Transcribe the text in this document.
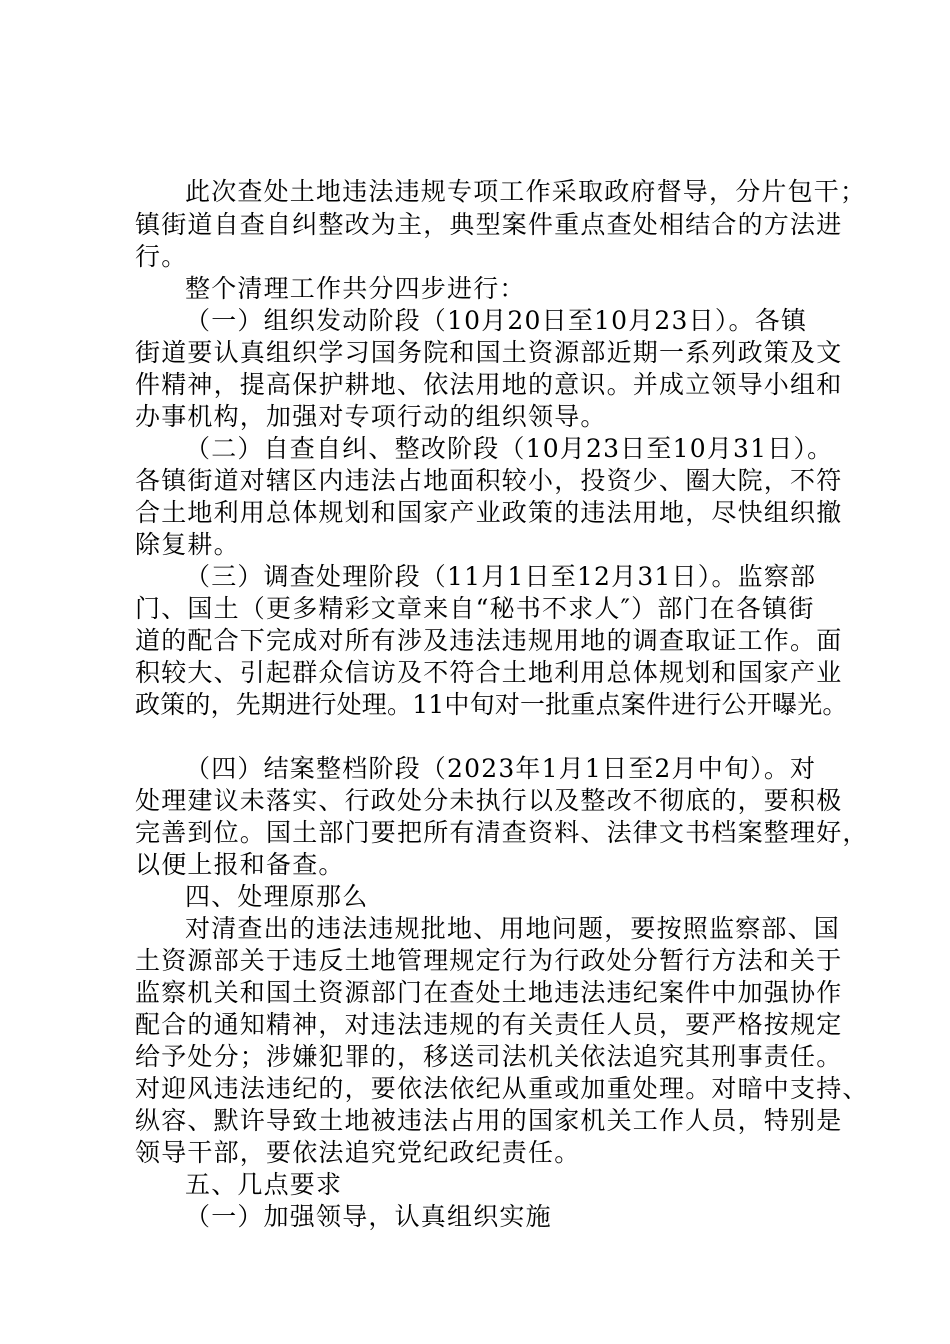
此次查处土地违法违规专项工作采取政府督导，分片包干；
镇街道自查自纠整改为主，典型案件重点查处相结合的方法进
行。
整个清理工作共分四步进行：
（一）组织发动阶段（10月20日至10月23日）。各镇
街道要认真组织学习国务院和国土资源部近期一系列政策及文
件精神，提高保护耕地、依法用地的意识。并成立领导小组和
办事机构，加强对专项行动的组织领导。
（二）自查自纠、整改阶段（10月23日至10月31日）。
各镇街道对辖区内违法占地面积较小，投资少、圈大院，不符
合土地利用总体规划和国家产业政策的违法用地，尽快组织撤
除复耕。
（三）调查处理阶段（11月1日至12月31日）。监察部
门、国土（更多精彩文章来自“秘书不求人″）部门在各镇街
道的配合下完成对所有涉及违法违规用地的调查取证工作。面
积较大、引起群众信访及不符合土地利用总体规划和国家产业
政策的，先期进行处理。11中旬对一批重点案件进行公开曝光。
（四）结案整档阶段（2023年1月1日至2月中旬）。对
处理建议未落实、行政处分未执行以及整改不彻底的，要积极
完善到位。国土部门要把所有清查资料、法律文书档案整理好，
以便上报和备查。
四、处理原那么
对清查出的违法违规批地、用地问题，要按照监察部、国
土资源部关于违反土地管理规定行为行政处分暂行方法和关于
监察机关和国土资源部门在查处土地违法违纪案件中加强协作
配合的通知精神，对违法违规的有关责任人员，要严格按规定
给予处分；涉嫌犯罪的，移送司法机关依法追究其刑事责任。
对迎风违法违纪的，要依法依纪从重或加重处理。对暗中支持、
纵容、默许导致土地被违法占用的国家机关工作人员，特别是
领导干部，要依法追究党纪政纪责任。
五、几点要求
（一）加强领导，认真组织实施
